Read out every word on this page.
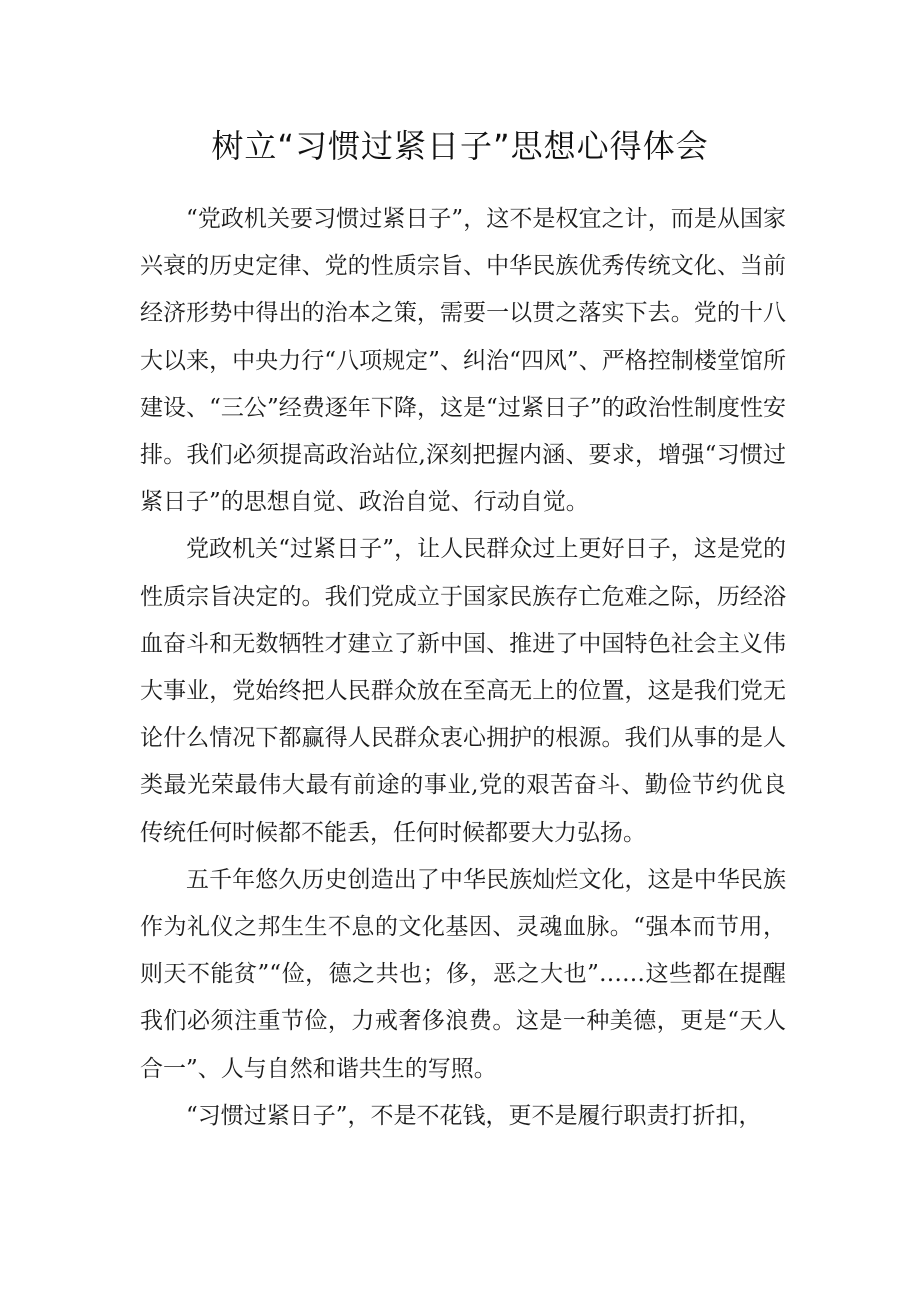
树立“习惯过紧日子”思想心得体会

“党政机关要习惯过紧日子”，这不是权宜之计，而是从国家兴衰的历史定律、党的性质宗旨、中华民族优秀传统文化、当前经济形势中得出的治本之策，需要一以贯之落实下去。党的十八大以来，中央力行“八项规定”、纠治“四风”、严格控制楼堂馆所建设、“三公”经费逐年下降，这是“过紧日子”的政治性制度性安排。我们必须提高政治站位,深刻把握内涵、要求，增强“习惯过紧日子”的思想自觉、政治自觉、行动自觉。

党政机关“过紧日子”，让人民群众过上更好日子，这是党的性质宗旨决定的。我们党成立于国家民族存亡危难之际，历经浴血奋斗和无数牺牲才建立了新中国、推进了中国特色社会主义伟大事业，党始终把人民群众放在至高无上的位置，这是我们党无论什么情况下都赢得人民群众衷心拥护的根源。我们从事的是人类最光荣最伟大最有前途的事业,党的艰苦奋斗、勤俭节约优良传统任何时候都不能丢，任何时候都要大力弘扬。

五千年悠久历史创造出了中华民族灿烂文化，这是中华民族作为礼仪之邦生生不息的文化基因、灵魂血脉。“强本而节用，则天不能贫”“俭，德之共也；侈，恶之大也”……这些都在提醒我们必须注重节俭，力戒奢侈浪费。这是一种美德，更是“天人合一”、人与自然和谐共生的写照。

“习惯过紧日子”，不是不花钱，更不是履行职责打折扣，
